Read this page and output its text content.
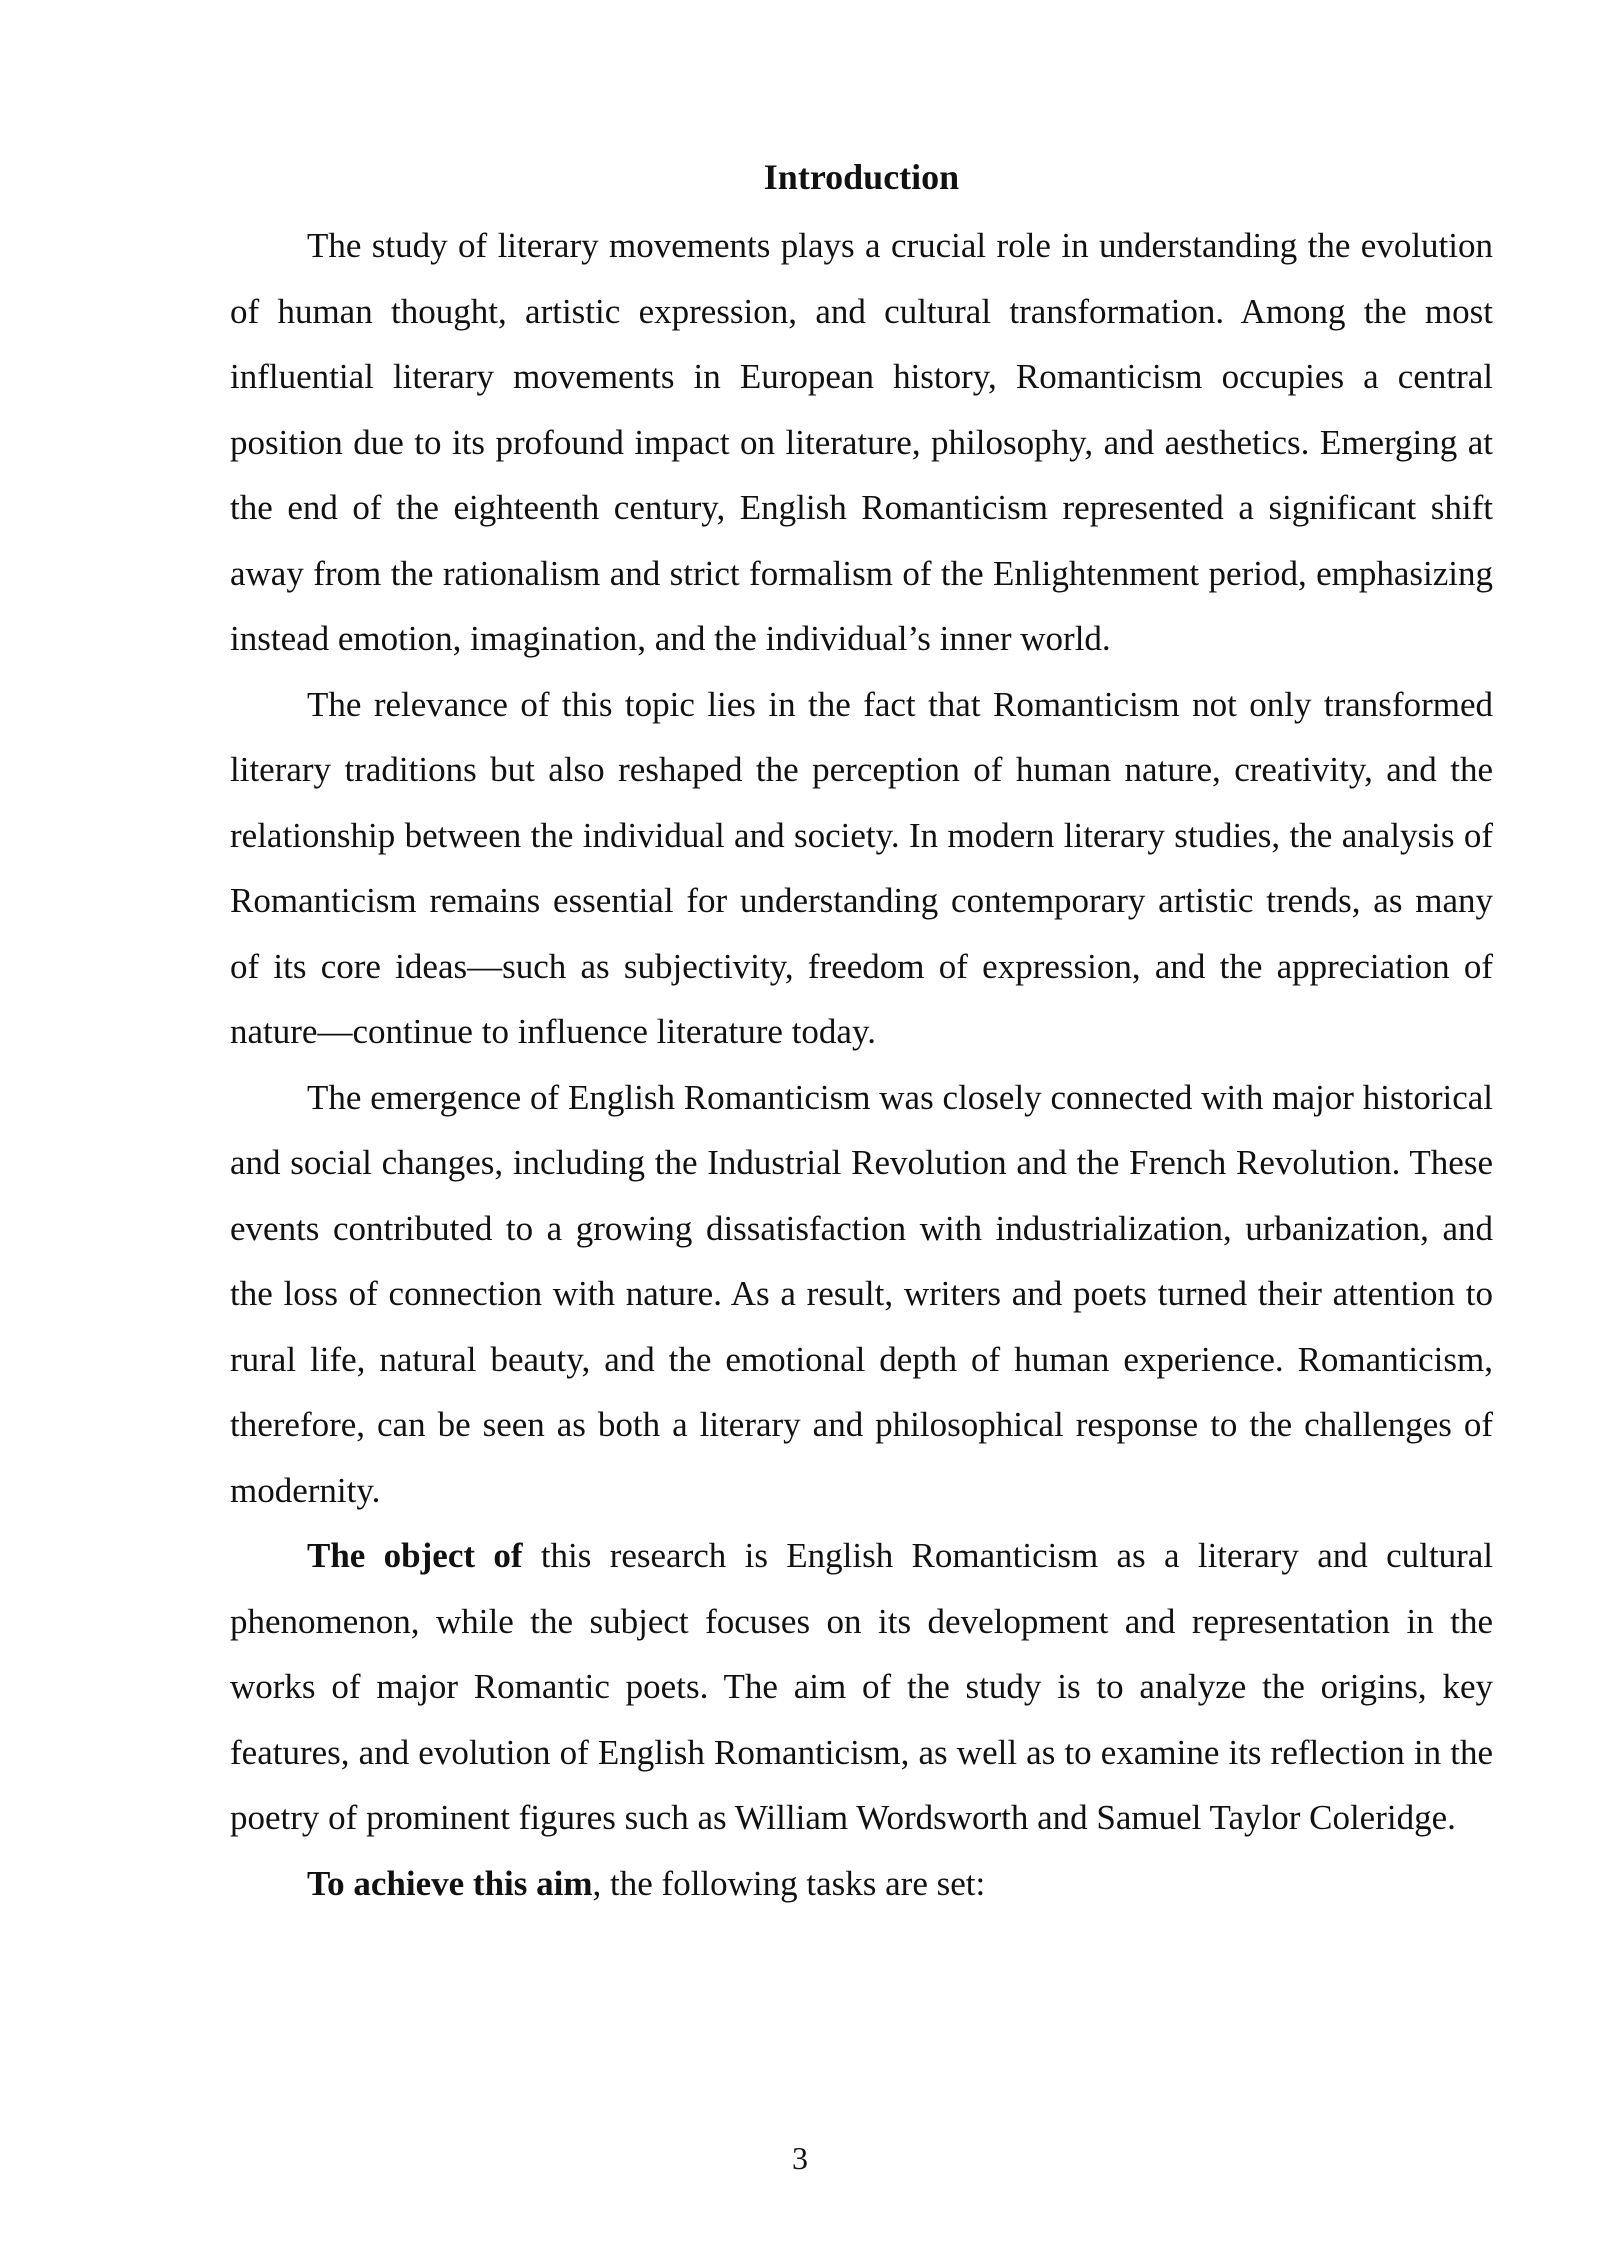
Introduction

The study of literary movements plays a crucial role in understanding the evolution of human thought, artistic expression, and cultural transformation. Among the most influential literary movements in European history, Romanticism occupies a central position due to its profound impact on literature, philosophy, and aesthetics. Emerging at the end of the eighteenth century, English Romanticism represented a significant shift away from the rationalism and strict formalism of the Enlightenment period, emphasizing instead emotion, imagination, and the individual’s inner world.

The relevance of this topic lies in the fact that Romanticism not only transformed literary traditions but also reshaped the perception of human nature, creativity, and the relationship between the individual and society. In modern literary studies, the analysis of Romanticism remains essential for understanding contemporary artistic trends, as many of its core ideas—such as subjectivity, freedom of expression, and the appreciation of nature—continue to influence literature today.

The emergence of English Romanticism was closely connected with major historical and social changes, including the Industrial Revolution and the French Revolution. These events contributed to a growing dissatisfaction with industrialization, urbanization, and the loss of connection with nature. As a result, writers and poets turned their attention to rural life, natural beauty, and the emotional depth of human experience. Romanticism, therefore, can be seen as both a literary and philosophical response to the challenges of modernity.

The object of this research is English Romanticism as a literary and cultural phenomenon, while the subject focuses on its development and representation in the works of major Romantic poets. The aim of the study is to analyze the origins, key features, and evolution of English Romanticism, as well as to examine its reflection in the poetry of prominent figures such as William Wordsworth and Samuel Taylor Coleridge.

To achieve this aim, the following tasks are set:

3
